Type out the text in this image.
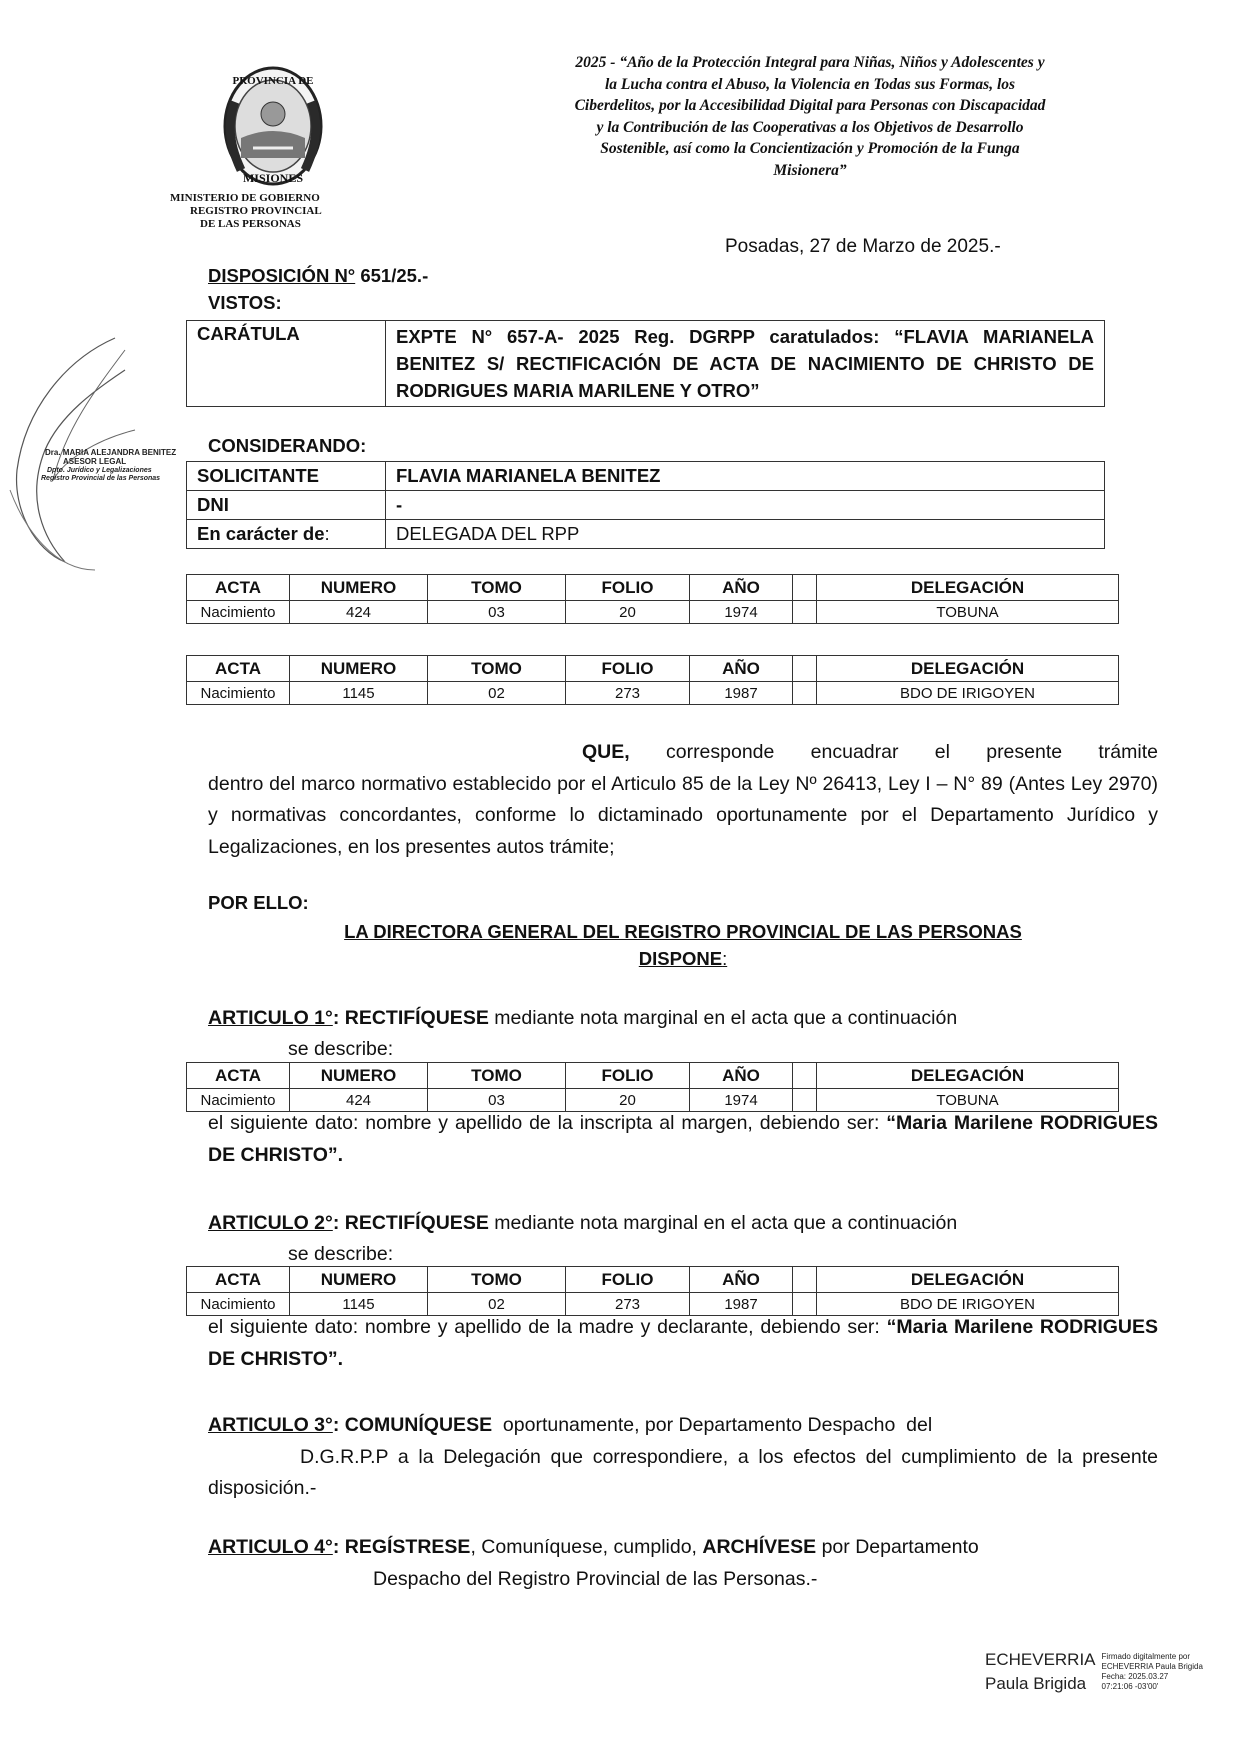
PROVINCIA DE
MISIONES
MINISTERIO DE GOBIERNO
REGISTRO PROVINCIAL
DE LAS PERSONAS
2025 - “Año de la Protección Integral para Niñas, Niños y Adolescentes y
la Lucha contra el Abuso, la Violencia en Todas sus Formas, los
Ciberdelitos, por la Accesibilidad Digital para Personas con Discapacidad
y la Contribución de las Cooperativas a los Objetivos de Desarrollo
Sostenible, así como la Concientización y Promoción de la Funga
Misionera”
Dra. MARIA ALEJANDRA BENITEZ
ASESOR LEGAL
Dpto. Jurídico y Legalizaciones
Registro Provincial de las Personas
Posadas, 27 de Marzo de 2025.-
DISPOSICIÓN N° 651/25.-
VISTOS:
CARÁTULA	EXPTE N° 657-A- 2025 Reg. DGRPP caratulados: “FLAVIA MARIANELA BENITEZ S/ RECTIFICACIÓN DE ACTA DE NACIMIENTO DE CHRISTO DE RODRIGUES MARIA MARILENE Y OTRO”
CONSIDERANDO:
SOLICITANTE	FLAVIA MARIANELA BENITEZ
DNI	-
En carácter de:	DELEGADA DEL RPP
ACTA	NUMERO	TOMO	FOLIO	AÑO		DELEGACIÓN
Nacimiento	424	03	20	1974		TOBUNA
ACTA	NUMERO	TOMO	FOLIO	AÑO		DELEGACIÓN
Nacimiento	1145	02	273	1987		BDO DE IRIGOYEN
QUE, corresponde encuadrar el presente trámite
dentro del marco normativo establecido por el Articulo 85 de la Ley Nº 26413, Ley I – N° 89 (Antes Ley 2970) y normativas concordantes, conforme lo dictaminado oportunamente por el Departamento Jurídico y Legalizaciones, en los presentes autos trámite;
POR ELLO:
LA DIRECTORA GENERAL DEL REGISTRO PROVINCIAL DE LAS PERSONAS
DISPONE:
ARTICULO 1°: RECTIFÍQUESE mediante nota marginal en el acta que a continuación
se describe:
ACTA	NUMERO	TOMO	FOLIO	AÑO		DELEGACIÓN
Nacimiento	424	03	20	1974		TOBUNA
el siguiente dato: nombre y apellido de la inscripta al margen, debiendo ser: “Maria Marilene RODRIGUES DE CHRISTO”.
ARTICULO 2°: RECTIFÍQUESE mediante nota marginal en el acta que a continuación
se describe:
ACTA	NUMERO	TOMO	FOLIO	AÑO		DELEGACIÓN
Nacimiento	1145	02	273	1987		BDO DE IRIGOYEN
el siguiente dato: nombre y apellido de la madre y declarante, debiendo ser: “Maria Marilene RODRIGUES DE CHRISTO”.
ARTICULO 3°: COMUNÍQUESE  oportunamente, por Departamento Despacho  del
D.G.R.P.P a la Delegación que correspondiere, a los efectos del cumplimiento de la presente disposición.-
ARTICULO 4°: REGÍSTRESE, Comuníquese, cumplido, ARCHÍVESE por Departamento
Despacho del Registro Provincial de las Personas.-
ECHEVERRIA
Paula Brigida
Firmado digitalmente por
ECHEVERRIA Paula Brigida
Fecha: 2025.03.27
07:21:06 -03'00'
